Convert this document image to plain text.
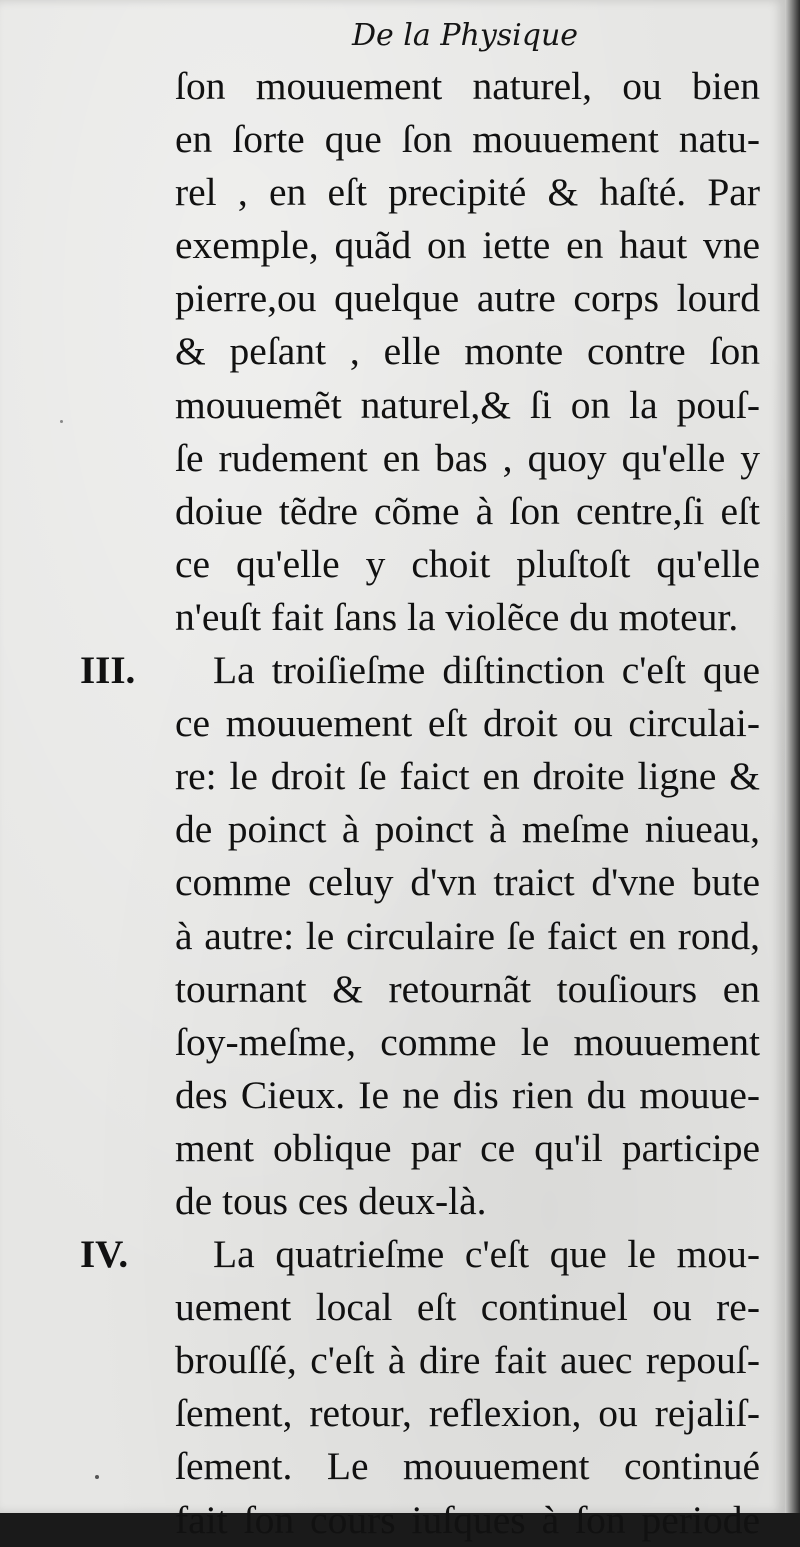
De la Physique
III.
IV.
ſon mouuement naturel, ou bien
en ſorte que ſon mouuement natu-
rel , en eſt precipité & haſté. Par
exemple, quãd on iette en haut vne
pierre,ou quelque autre corps lourd
& peſant , elle monte contre ſon
mouuemẽt naturel,& ſi on la pouſ-
ſe rudement en bas , quoy qu'elle y
doiue tẽdre cõme à ſon centre,ſi eſt
ce qu'elle y choit pluſtoſt qu'elle
n'euſt fait ſans la violẽce du moteur.
La troiſieſme diſtinction c'eſt que
ce mouuement eſt droit ou circulai-
re: le droit ſe faict en droite ligne &
de poinct à poinct à meſme niueau,
comme celuy d'vn traict d'vne bute
à autre: le circulaire ſe faict en rond,
tournant & retournãt touſiours en
ſoy-meſme, comme le mouuement
des Cieux. Ie ne dis rien du mouue-
ment oblique par ce qu'il participe
de tous ces deux-là.
La quatrieſme c'eſt que le mou-
uement local eſt continuel ou re-
brouſſé, c'eſt à dire fait auec repouſ-
ſement, retour, reflexion, ou rejaliſ-
ſement. Le mouuement continué
fait ſon cours iuſques à ſon periode
